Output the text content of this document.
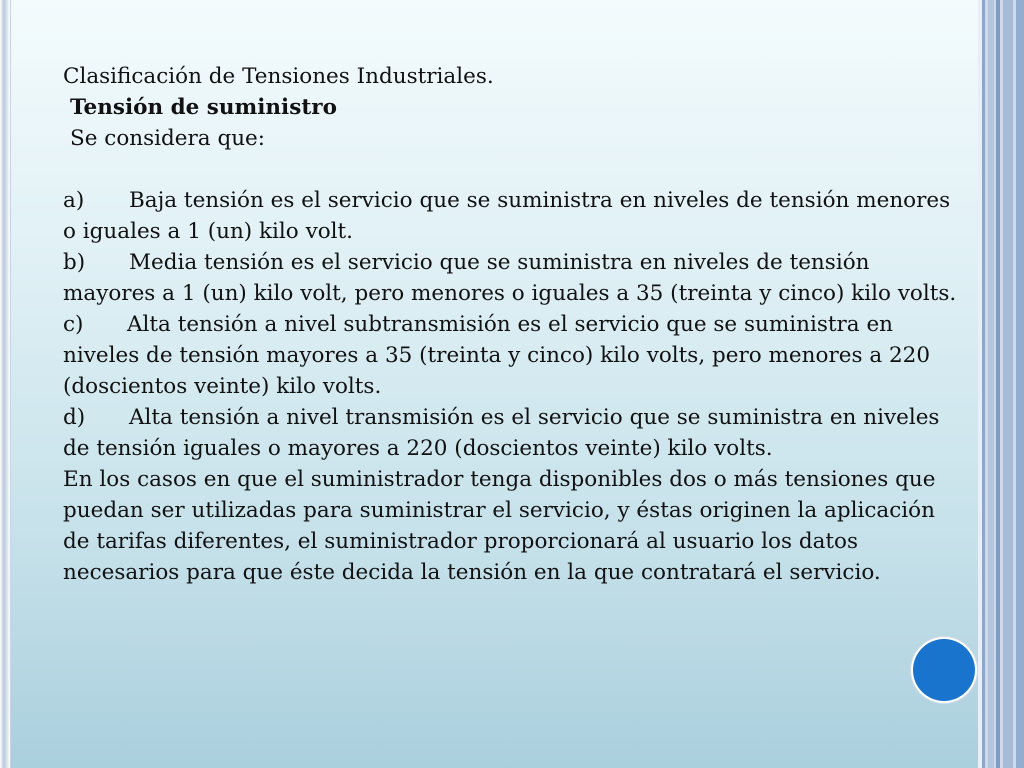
Clasificación de Tensiones Industriales.

Tensión de suministro

Se considera que:

a) Baja tensión es el servicio que se suministra en niveles de tensión menores o iguales a 1 (un) kilo volt.

b) Media tensión es el servicio que se suministra en niveles de tensión mayores a 1 (un) kilo volt, pero menores o iguales a 35 (treinta y cinco) kilo volts.

c) Alta tensión a nivel subtransmisión es el servicio que se suministra en niveles de tensión mayores a 35 (treinta y cinco) kilo volts, pero menores a 220 (doscientos veinte) kilo volts.

d) Alta tensión a nivel transmisión es el servicio que se suministra en niveles de tensión iguales o mayores a 220 (doscientos veinte) kilo volts.

En los casos en que el suministrador tenga disponibles dos o más tensiones que puedan ser utilizadas para suministrar el servicio, y éstas originen la aplicación de tarifas diferentes, el suministrador proporcionará al usuario los datos necesarios para que éste decida la tensión en la que contratará el servicio.
